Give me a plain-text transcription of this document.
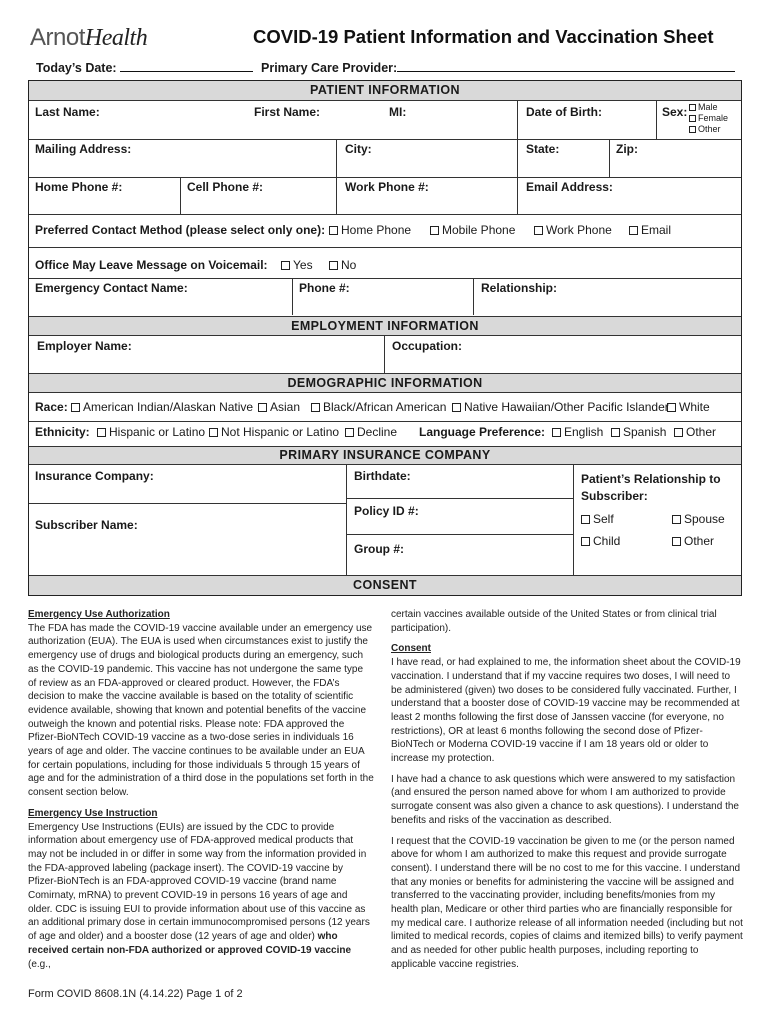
ArnotHealth	COVID-19 Patient Information and Vaccination Sheet
Today’s Date:	Primary Care Provider:
PATIENT INFORMATION
Last Name:	First Name:	MI:	Date of Birth:	Sex:	Male
Female
Other
Mailing Address:	City:	State:	Zip:
Home Phone #:	Cell Phone #:	Work Phone #:	Email Address:
Preferred Contact Method (please select only one):	Home Phone	Mobile Phone	Work Phone	Email
Office May Leave Message on Voicemail:	Yes	No
Emergency Contact Name:	Phone #:	Relationship:
EMPLOYMENT INFORMATION
Employer Name:	Occupation:
DEMOGRAPHIC INFORMATION
Race:	American Indian/Alaskan Native	Asian	Black/African American	Native Hawaiian/Other Pacific Islander White
Ethnicity:	Hispanic or Latino	Not Hispanic or Latino	Decline Language Preference:	English	Spanish	Other
PRIMARY INSURANCE COMPANY
Insurance Company:
Subscriber Name:
Birthdate:
Policy ID #:
Group #:
Patient’s Relationship to Subscriber:
Self	Spouse
Child	Other
CONSENT
Emergency Use Authorization

The FDA has made the COVID-19 vaccine available under an emergency use authorization (EUA). The EUA is used when circumstances exist to justify the emergency use of drugs and biological products during an emergency, such as the COVID-19 pandemic. This vaccine has not undergone the same type of review as an FDA-approved or cleared product. However, the FDA’s decision to make the vaccine available is based on the totality of scientific evidence available, showing that known and potential benefits of the vaccine outweigh the known and potential risks. Please note: FDA approved the Pfizer-BioNTech COVID-19 vaccine as a two-dose series in individuals 16 years of age and older. The vaccine continues to be available under an EUA for certain populations, including for those individuals 5 through 15 years of age and for the administration of a third dose in the populations set forth in the consent section below.

Emergency Use Instruction

Emergency Use Instructions (EUIs) are issued by the CDC to provide information about emergency use of FDA-approved medical products that may not be included in or differ in some way from the information provided in the FDA-approved labeling (package insert). The COVID-19 vaccine by Pfizer-BioNTech is an FDA-approved COVID-19 vaccine (brand name Comirnaty, mRNA) to prevent COVID-19 in persons 16 years of age and older. CDC is issuing EUI to provide information about use of this vaccine as an additional primary dose in certain immunocompromised persons (12 years of age and older) and a booster dose (12 years of age and older) who received certain non-FDA authorized or approved COVID-19 vaccine (e.g.,

certain vaccines available outside of the United States or from clinical trial participation).

Consent

I have read, or had explained to me, the information sheet about the COVID-19 vaccination. I understand that if my vaccine requires two doses, I will need to be administered (given) two doses to be considered fully vaccinated. Further, I understand that a booster dose of COVID-19 vaccine may be recommended at least 2 months following the first dose of Janssen vaccine (for everyone, no restrictions), OR at least 6 months following the second dose of Pfizer-BioNTech or Moderna COVID-19 vaccine if I am 18 years old or older to increase my protection.

I have had a chance to ask questions which were answered to my satisfaction (and ensured the person named above for whom I am authorized to provide surrogate consent was also given a chance to ask questions). I understand the benefits and risks of the vaccination as described.

I request that the COVID-19 vaccination be given to me (or the person named above for whom I am authorized to make this request and provide surrogate consent). I understand there will be no cost to me for this vaccine. I understand that any monies or benefits for administering the vaccine will be assigned and transferred to the vaccinating provider, including benefits/monies from my health plan, Medicare or other third parties who are financially responsible for my medical care. I authorize release of all information needed (including but not limited to medical records, copies of claims and itemized bills) to verify payment and as needed for other public health purposes, including reporting to applicable vaccine registries.

Form COVID 8608.1N (4.14.22) Page 1 of 2
